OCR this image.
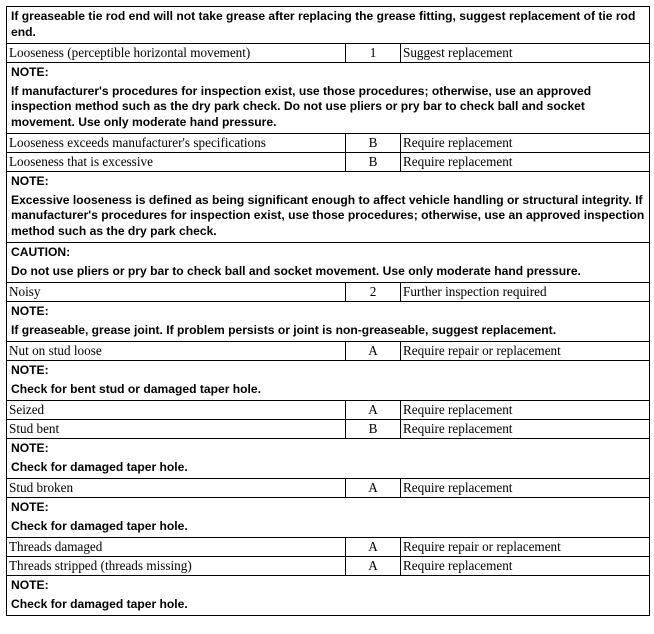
If greaseable tie rod end will not take grease after replacing the grease fitting, suggest replacement of tie rod end.		

Looseness (perceptible horizontal movement)	1	Suggest replacement

NOTE:
If manufacturer's procedures for inspection exist, use those procedures; otherwise, use an approved inspection method such as the dry park check. Do not use pliers or pry bar to check ball and socket movement. Use only moderate hand pressure.		

Looseness exceeds manufacturer's specifications	B	Require replacement
Looseness that is excessive	B	Require replacement

NOTE:
Excessive looseness is defined as being significant enough to affect vehicle handling or structural integrity. If manufacturer's procedures for inspection exist, use those procedures; otherwise, use an approved inspection method such as the dry park check.		

CAUTION:
Do not use pliers or pry bar to check ball and socket movement. Use only moderate hand pressure.		

Noisy	2	Further inspection required

NOTE:
If greaseable, grease joint. If problem persists or joint is non-greaseable, suggest replacement.		

Nut on stud loose	A	Require repair or replacement

NOTE:
Check for bent stud or damaged taper hole.		

Seized	A	Require replacement
Stud bent	B	Require replacement

NOTE:
Check for damaged taper hole.		

Stud broken	A	Require replacement

NOTE:
Check for damaged taper hole.		

Threads damaged	A	Require repair or replacement
Threads stripped (threads missing)	A	Require replacement

NOTE:
Check for damaged taper hole.		
